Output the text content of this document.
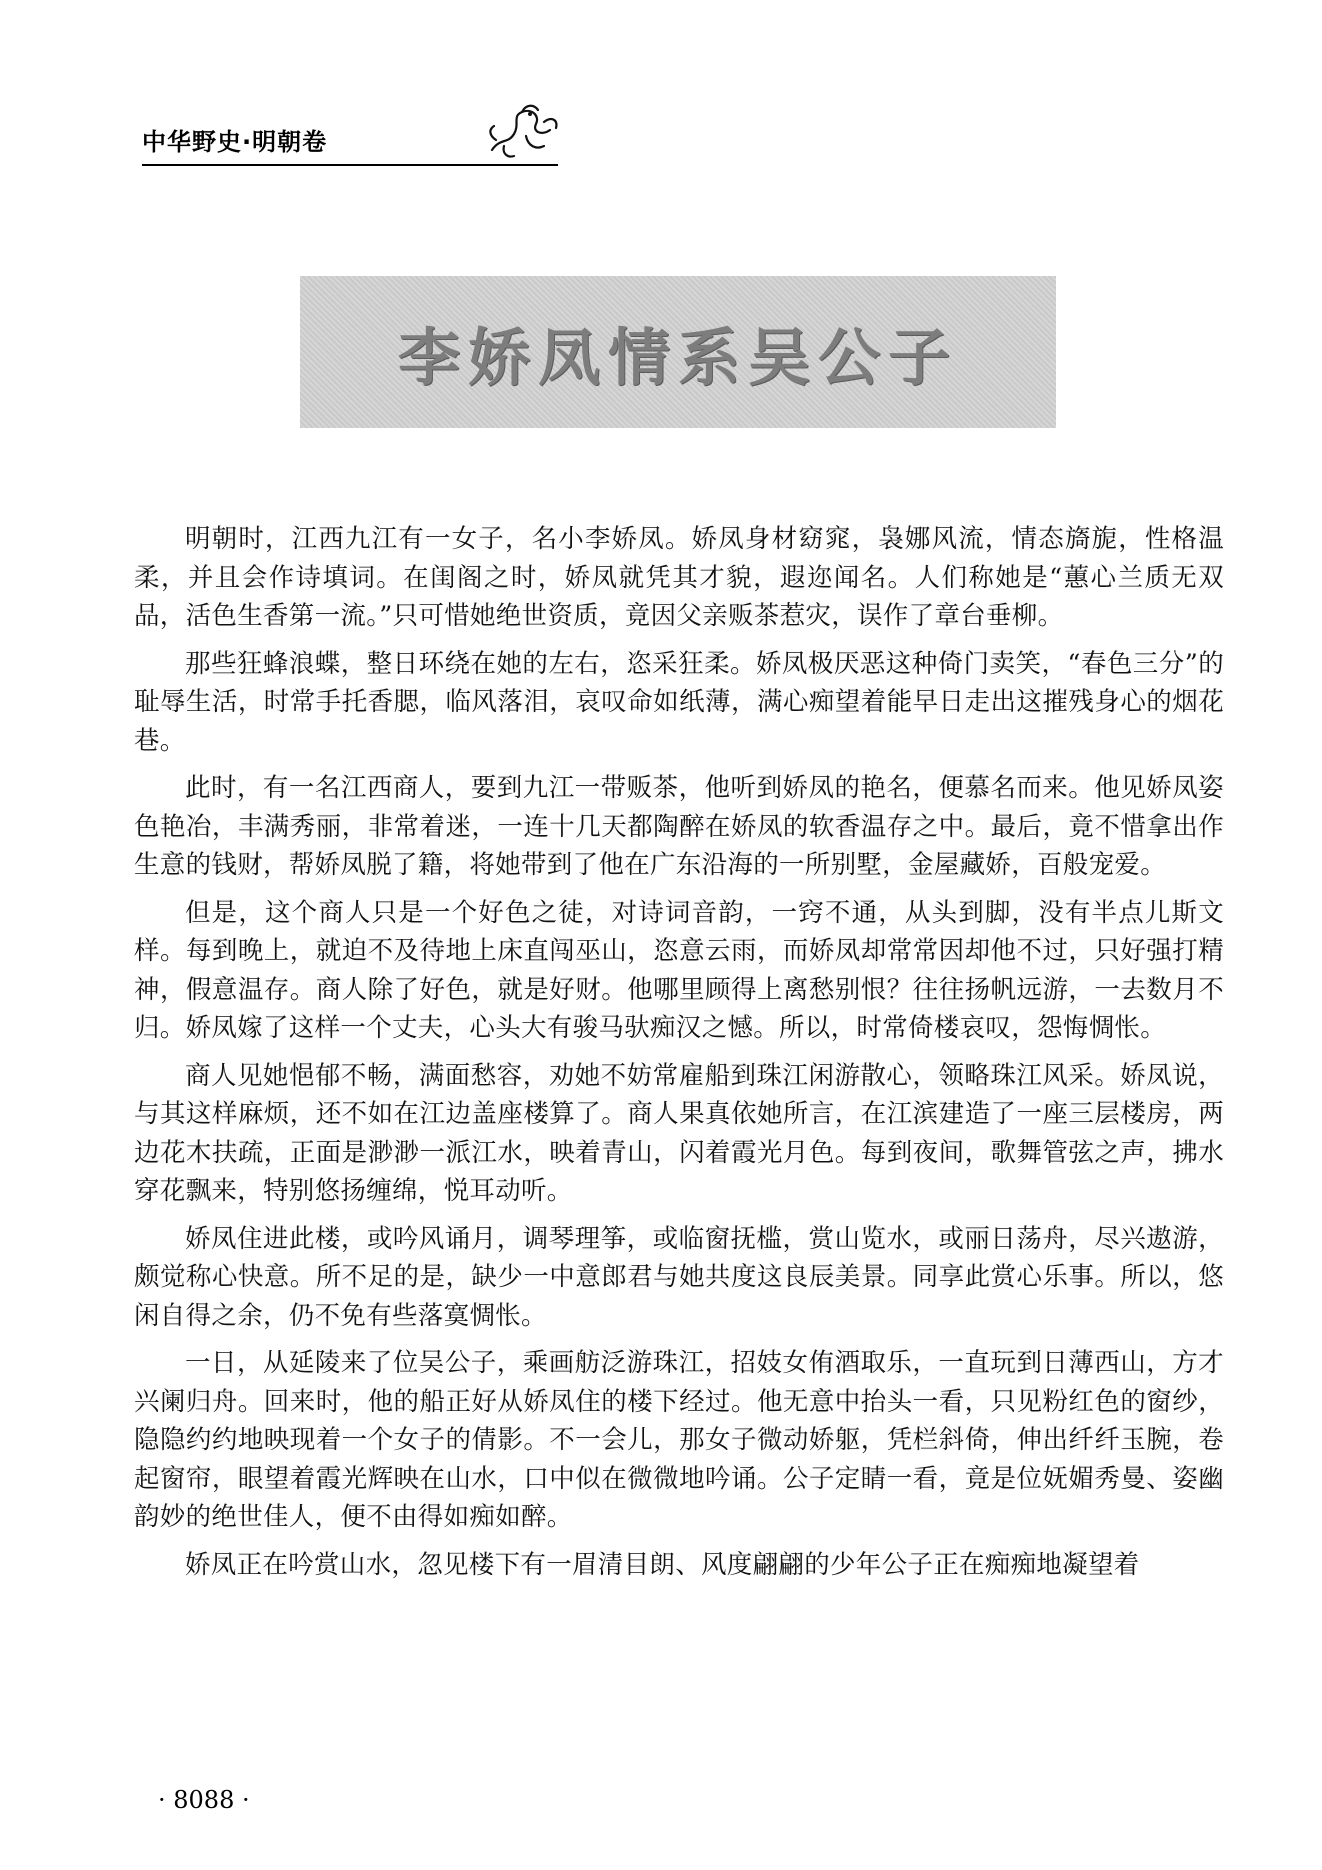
中华野史·明朝卷
李娇凤情系吴公子

明朝时，江西九江有一女子，名小李娇凤。娇凤身材窈窕，袅娜风流，情态旖旎，性格温柔，并且会作诗填词。在闺阁之时，娇凤就凭其才貌，遐迩闻名。人们称她是“蕙心兰质无双品，活色生香第一流。”只可惜她绝世资质，竟因父亲贩茶惹灾，误作了章台垂柳。

那些狂蜂浪蝶，整日环绕在她的左右，恣采狂柔。娇凤极厌恶这种倚门卖笑，“春色三分”的耻辱生活，时常手托香腮，临风落泪，哀叹命如纸薄，满心痴望着能早日走出这摧残身心的烟花巷。

此时，有一名江西商人，要到九江一带贩茶，他听到娇凤的艳名，便慕名而来。他见娇凤姿色艳冶，丰满秀丽，非常着迷，一连十几天都陶醉在娇凤的软香温存之中。最后，竟不惜拿出作生意的钱财，帮娇凤脱了籍，将她带到了他在广东沿海的一所别墅，金屋藏娇，百般宠爱。

但是，这个商人只是一个好色之徒，对诗词音韵，一窍不通，从头到脚，没有半点儿斯文样。每到晚上，就迫不及待地上床直闯巫山，恣意云雨，而娇凤却常常因却他不过，只好强打精神，假意温存。商人除了好色，就是好财。他哪里顾得上离愁别恨？往往扬帆远游，一去数月不归。娇凤嫁了这样一个丈夫，心头大有骏马驮痴汉之憾。所以，时常倚楼哀叹，怨悔惆怅。

商人见她悒郁不畅，满面愁容，劝她不妨常雇船到珠江闲游散心，领略珠江风采。娇凤说，与其这样麻烦，还不如在江边盖座楼算了。商人果真依她所言，在江滨建造了一座三层楼房，两边花木扶疏，正面是渺渺一派江水，映着青山，闪着霞光月色。每到夜间，歌舞管弦之声，拂水穿花飘来，特别悠扬缠绵，悦耳动听。

娇凤住进此楼，或吟风诵月，调琴理筝，或临窗抚槛，赏山览水，或丽日荡舟，尽兴遨游，颇觉称心快意。所不足的是，缺少一中意郎君与她共度这良辰美景。同享此赏心乐事。所以，悠闲自得之余，仍不免有些落寞惆怅。

一日，从延陵来了位吴公子，乘画舫泛游珠江，招妓女侑酒取乐，一直玩到日薄西山，方才兴阑归舟。回来时，他的船正好从娇凤住的楼下经过。他无意中抬头一看，只见粉红色的窗纱，隐隐约约地映现着一个女子的倩影。不一会儿，那女子微动娇躯，凭栏斜倚，伸出纤纤玉腕，卷起窗帘，眼望着霞光辉映在山水，口中似在微微地吟诵。公子定睛一看，竟是位妩媚秀曼、姿幽韵妙的绝世佳人，便不由得如痴如醉。

娇凤正在吟赏山水，忽见楼下有一眉清目朗、风度翩翩的少年公子正在痴痴地凝望着

· 8088 ·
